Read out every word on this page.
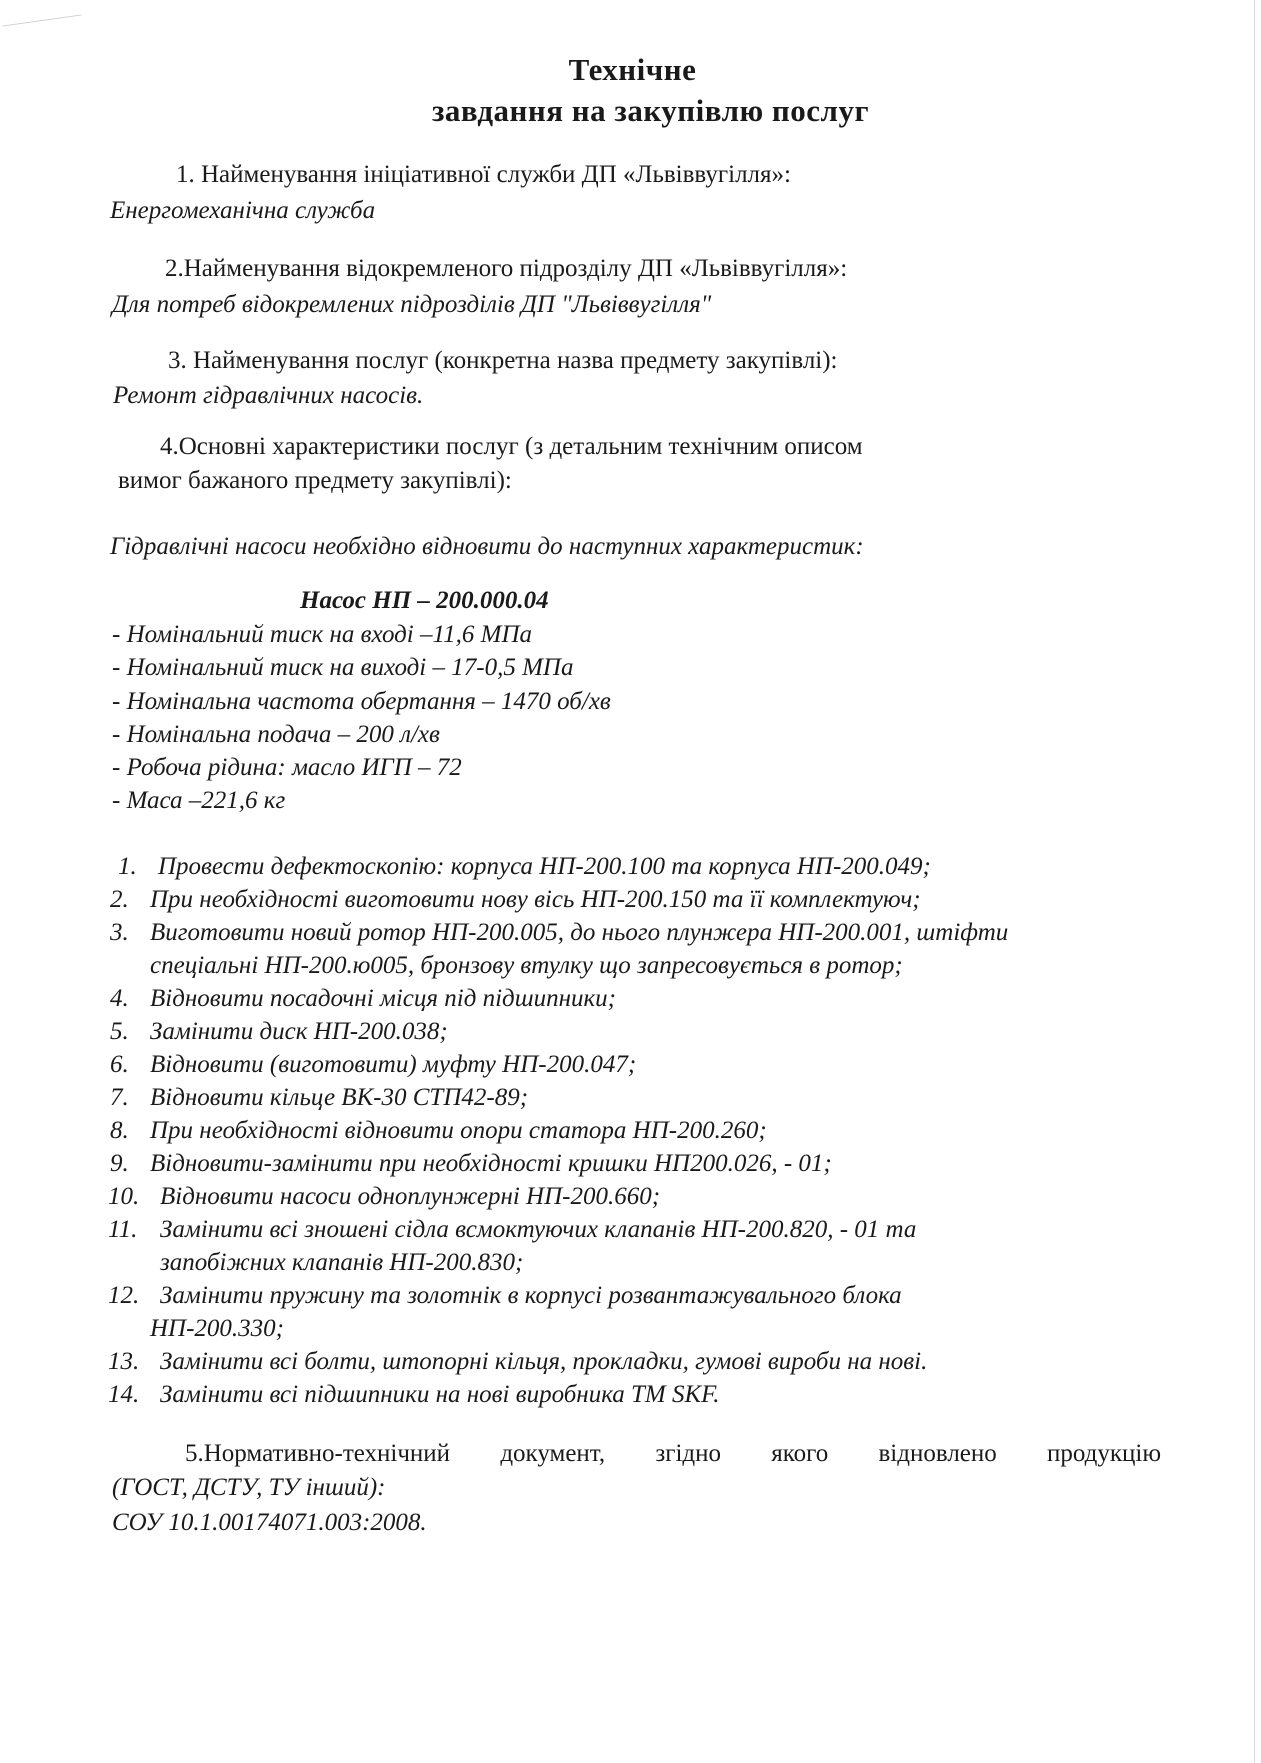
Технічне
завдання на закупівлю послуг
1. Найменування ініціативної служби ДП «Львіввугілля»:
Енергомеханічна служба
2.Найменування відокремленого підрозділу ДП «Львіввугілля»:
Для потреб відокремлених підрозділів ДП "Львіввугілля"
3. Найменування послуг (конкретна назва предмету закупівлі):
Ремонт гідравлічних насосів.
4.Основні характеристики послуг (з детальним технічним описом
вимог бажаного предмету закупівлі):
Гідравлічні насоси необхідно відновити до наступних характеристик:
Насос НП – 200.000.04
- Номінальний тиск на вході –11,6 МПа
- Номінальний тиск на виході – 17-0,5 МПа
- Номінальна частота обертання – 1470 об/хв
- Номінальна подача – 200 л/хв
- Робоча рідина: масло ИГП – 72
- Маса –221,6 кг
1. Провести дефектоскопію: корпуса НП-200.100 та корпуса НП-200.049;
2. При необхідності виготовити нову вісь НП-200.150 та її комплектуюч;
3. Виготовити новий ротор НП-200.005, до нього плунжера НП-200.001, штіфти
спеціальні НП-200.ю005, бронзову втулку що запресовується в ротор;
4. Відновити посадочні місця під підшипники;
5. Замінити диск НП-200.038;
6. Відновити (виготовити) муфту НП-200.047;
7. Відновити кільце ВК-30 СТП42-89;
8. При необхідності відновити опори статора НП-200.260;
9. Відновити-замінити при необхідності кришки НП200.026, - 01;
10. Відновити насоси одноплунжерні НП-200.660;
11. Замінити всі зношені сідла всмоктуючих клапанів НП-200.820, - 01 та
запобіжних клапанів НП-200.830;
12. Замінити пружину та золотнік в корпусі розвантажувального блока
НП-200.330;
13. Замінити всі болти, штопорні кільця, прокладки, гумові вироби на нові.
14. Замінити всі підшипники на нові виробника ТМ SKF.
5.Нормативно-технічний документ, згідно якого відновлено продукцію
(ГОСТ, ДСТУ, ТУ інший):
СОУ 10.1.00174071.003:2008.
